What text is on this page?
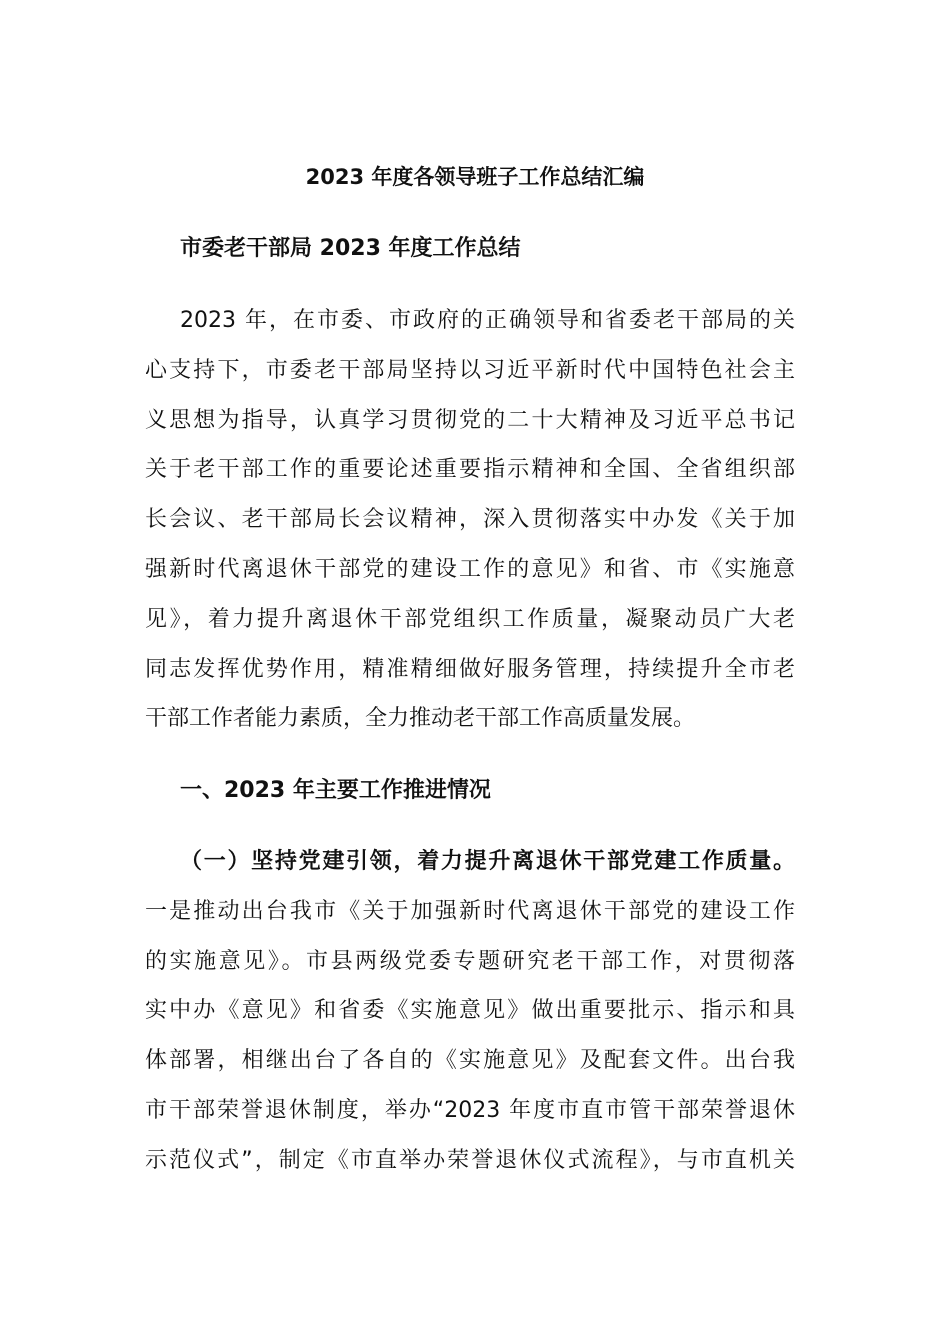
2023 年度各领导班子工作总结汇编
市委老干部局 2023 年度工作总结
2023 年，在市委、市政府的正确领导和省委老干部局的关
心支持下，市委老干部局坚持以习近平新时代中国特色社会主
义思想为指导，认真学习贯彻党的二十大精神及习近平总书记
关于老干部工作的重要论述重要指示精神和全国、全省组织部
长会议、老干部局长会议精神，深入贯彻落实中办发《关于加
强新时代离退休干部党的建设工作的意见》和省、市《实施意
见》，着力提升离退休干部党组织工作质量，凝聚动员广大老
同志发挥优势作用，精准精细做好服务管理，持续提升全市老
干部工作者能力素质，全力推动老干部工作高质量发展。
一、2023 年主要工作推进情况
（一）坚持党建引领，着力提升离退休干部党建工作质量。
一是推动出台我市《关于加强新时代离退休干部党的建设工作
的实施意见》。市县两级党委专题研究老干部工作，对贯彻落
实中办《意见》和省委《实施意见》做出重要批示、指示和具
体部署，相继出台了各自的《实施意见》及配套文件。出台我
市干部荣誉退休制度，举办“2023 年度市直市管干部荣誉退休
示范仪式”，制定《市直举办荣誉退休仪式流程》，与市直机关
